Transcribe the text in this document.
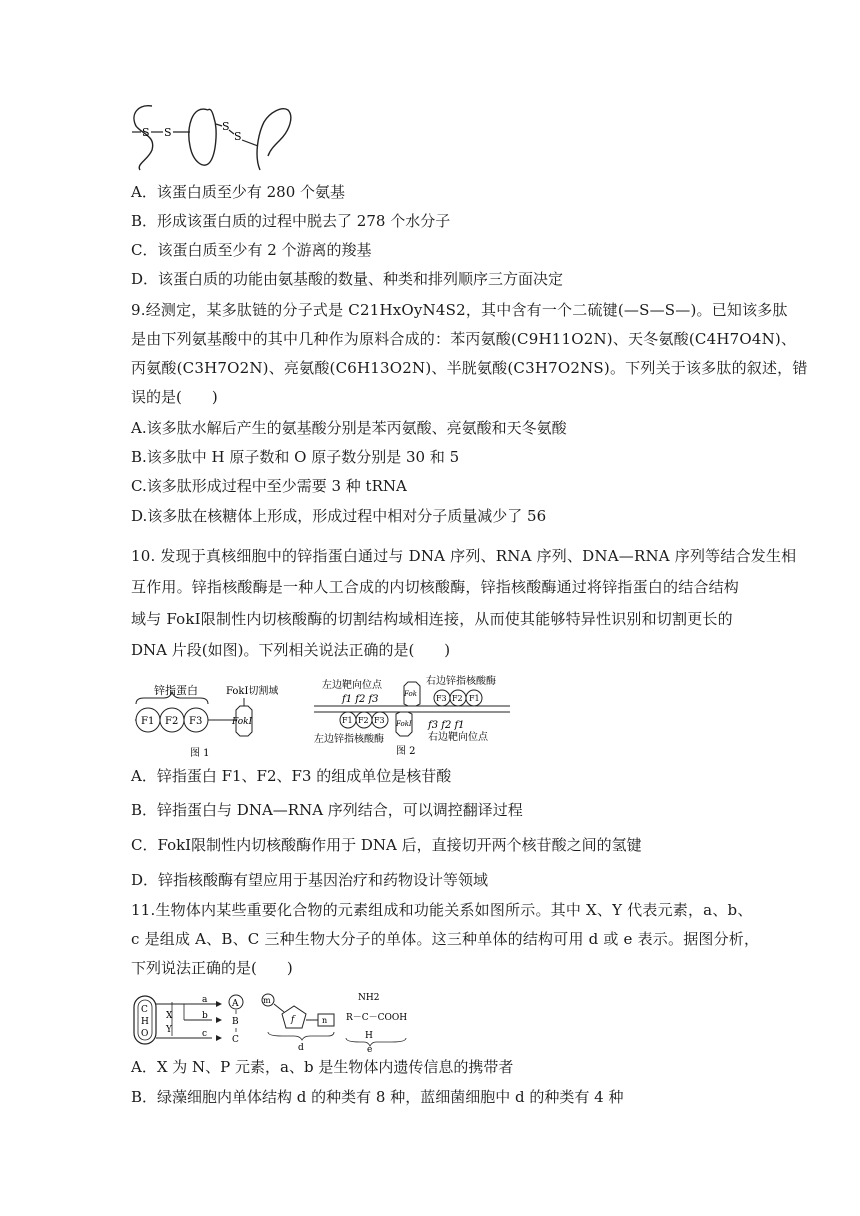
S S	S
S
A．该蛋白质至少有 280 个氨基
B．形成该蛋白质的过程中脱去了 278 个水分子
C．该蛋白质至少有 2 个游离的羧基
D．该蛋白质的功能由氨基酸的数量、种类和排列顺序三方面决定
9.经测定，某多肽链的分子式是 C21HxOyN4S2，其中含有一个二硫键(—S—S—)。已知该多肽
是由下列氨基酸中的其中几种作为原料合成的：苯丙氨酸(C9H11O2N)、天冬氨酸(C4H7O4N)、
丙氨酸(C3H7O2N)、亮氨酸(C6H13O2N)、半胱氨酸(C3H7O2NS)。下列关于该多肽的叙述，错
误的是(　　)
A.该多肽水解后产生的氨基酸分别是苯丙氨酸、亮氨酸和天冬氨酸
B.该多肽中 H 原子数和 O 原子数分别是 30 和 5
C.该多肽形成过程中至少需要 3 种 tRNA
D.该多肽在核糖体上形成，形成过程中相对分子质量减少了 56
10. 发现于真核细胞中的锌指蛋白通过与 DNA 序列、RNA 序列、DNA—RNA 序列等结合发生相
互作用。锌指核酸酶是一种人工合成的内切核酸酶，锌指核酸酶通过将锌指蛋白的结合结构
域与 FokⅠ限制性内切核酸酶的切割结构域相连接，从而使其能够特异性识别和切割更长的
DNA 片段(如图)。下列相关说法正确的是(　　)
锌指蛋白
F1 F2 F3	FokⅠ
FokⅠ切割域
图 1
左边靶向位点	右边锌指核酸酶
f1 f2 f3	F3 F2 F1
Fok
F1 F2 F3 FokⅠ f3 f2 f1
右边靶向位点
左边锌指核酸酶
图 2
A．锌指蛋白 F1、F2、F3 的组成单位是核苷酸
B．锌指蛋白与 DNA—RNA 序列结合，可以调控翻译过程
C．FokⅠ限制性内切核酸酶作用于 DNA 后，直接切开两个核苷酸之间的氢键
D．锌指核酸酶有望应用于基因治疗和药物设计等领域
11.生物体内某些重要化合物的元素组成和功能关系如图所示。其中 X、Y 代表元素，a、b、
c 是组成 A、B、C 三种生物大分子的单体。这三种单体的结构可用 d 或 e 表示。据图分析，
下列说法正确的是(　　)
C
H
O
X
Y
a
b
c
A
B
C
m
f	n
d
NH2
R－C－COOH
H
e
A．X 为 N、P 元素，a、b 是生物体内遗传信息的携带者
B．绿藻细胞内单体结构 d 的种类有 8 种，蓝细菌细胞中 d 的种类有 4 种
